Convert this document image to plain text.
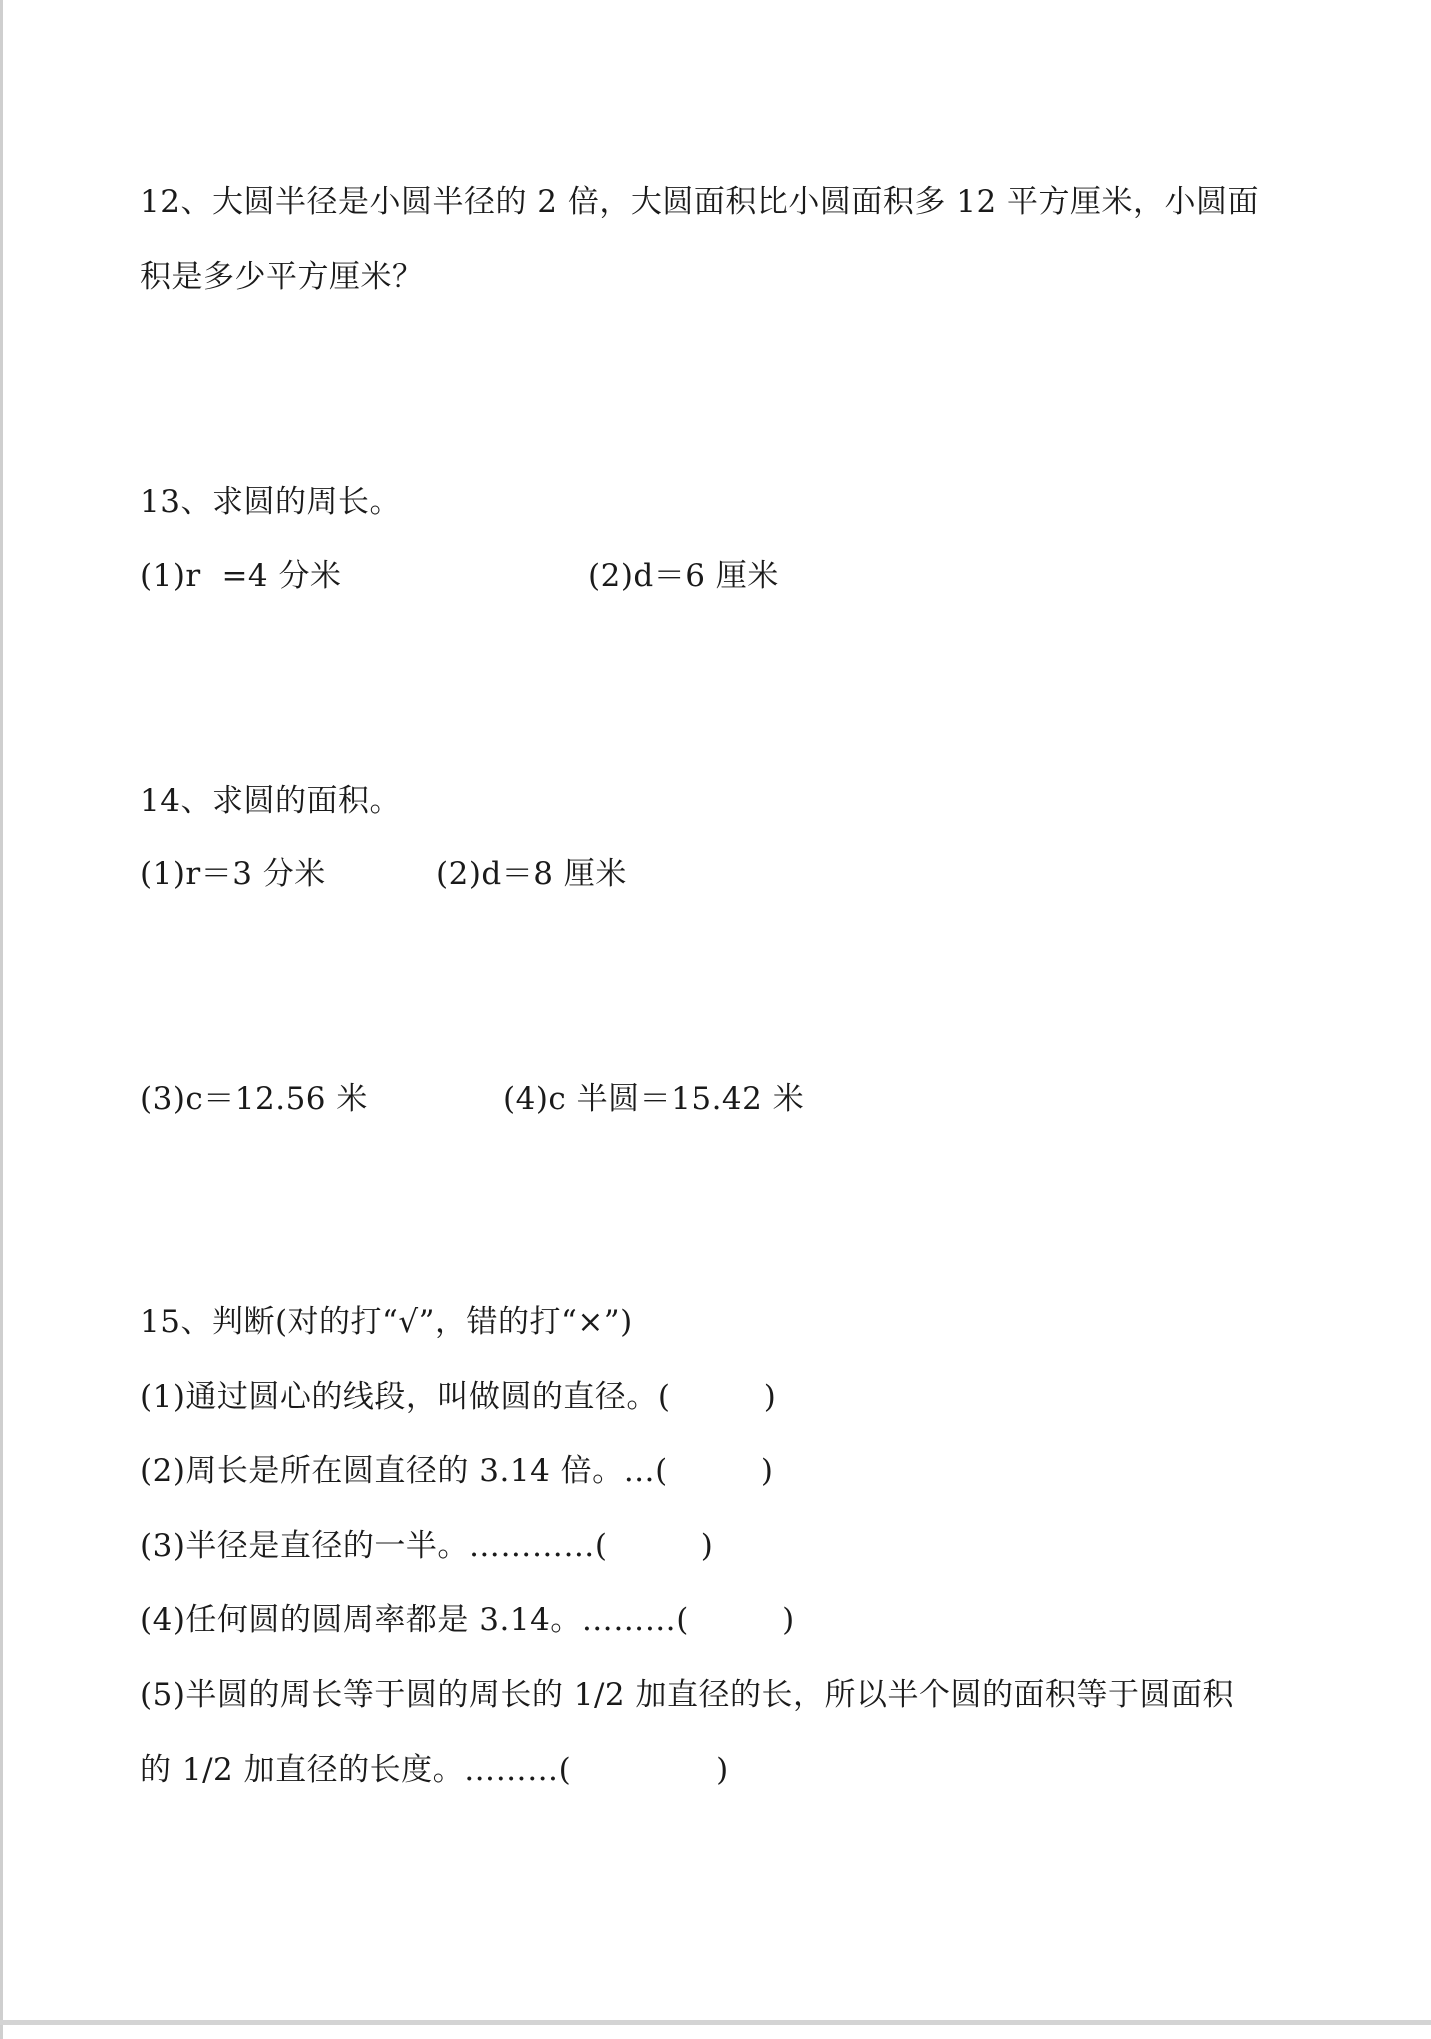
12、大圆半径是小圆半径的 2 倍，大圆面积比小圆面积多 12 平方厘米，小圆面
积是多少平方厘米？
13、求圆的周长。
(1)r  =4 分米	(2)d＝6 厘米
14、求圆的面积。
(1)r＝3 分米	(2)d＝8 厘米
(3)c＝12.56 米	(4)c 半圆＝15.42 米
15、判断(对的打“√”，错的打“×”)
(1)通过圆心的线段，叫做圆的直径。(         )
(2)周长是所在圆直径的 3.14 倍。…(         )
(3)半径是直径的一半。…………(         )
(4)任何圆的圆周率都是 3.14。………(         )
(5)半圆的周长等于圆的周长的 1/2 加直径的长，所以半个圆的面积等于圆面积
的 1/2 加直径的长度。………(              )
